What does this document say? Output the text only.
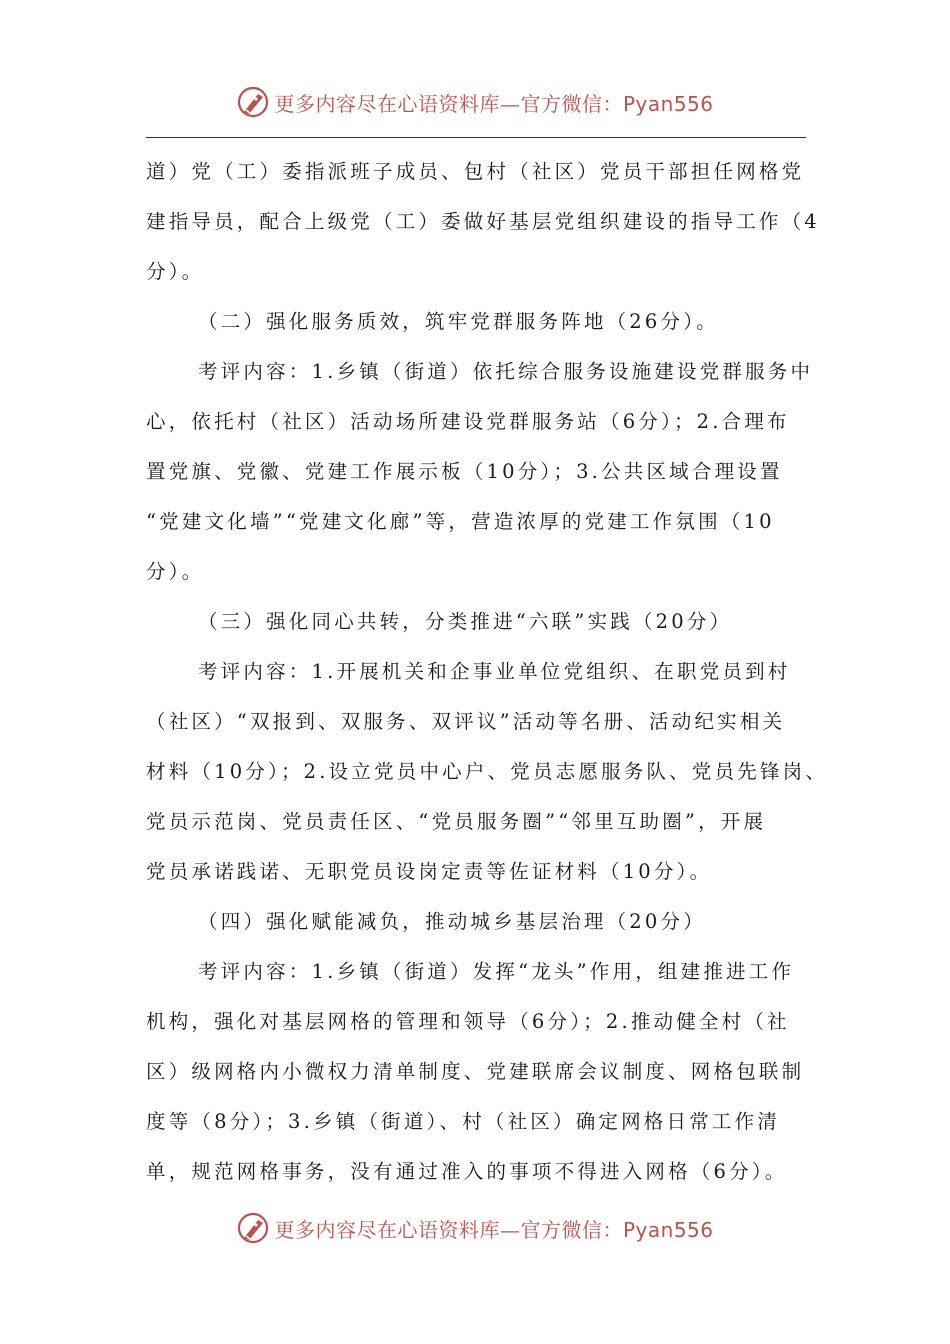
更多内容尽在心语资料库—官方微信：Pyan556
道）党（工）委指派班子成员、包村（社区）党员干部担任网格党
建指导员，配合上级党（工）委做好基层党组织建设的指导工作（4
分）。
（二）强化服务质效，筑牢党群服务阵地（26分）。
考评内容：1.乡镇（街道）依托综合服务设施建设党群服务中
心，依托村（社区）活动场所建设党群服务站（6分）；2.合理布
置党旗、党徽、党建工作展示板（10分）；3.公共区域合理设置
“党建文化墙”“党建文化廊”等，营造浓厚的党建工作氛围（10
分）。
（三）强化同心共转，分类推进“六联”实践（20分）
考评内容：1.开展机关和企事业单位党组织、在职党员到村
（社区）“双报到、双服务、双评议”活动等名册、活动纪实相关
材料（10分）；2.设立党员中心户、党员志愿服务队、党员先锋岗、
党员示范岗、党员责任区、“党员服务圈”“邻里互助圈”，开展
党员承诺践诺、无职党员设岗定责等佐证材料（10分）。
（四）强化赋能减负，推动城乡基层治理（20分）
考评内容：1.乡镇（街道）发挥“龙头”作用，组建推进工作
机构，强化对基层网格的管理和领导（6分）；2.推动健全村（社
区）级网格内小微权力清单制度、党建联席会议制度、网格包联制
度等（8分）；3.乡镇（街道）、村（社区）确定网格日常工作清
单，规范网格事务，没有通过准入的事项不得进入网格（6分）。
更多内容尽在心语资料库—官方微信：Pyan556
